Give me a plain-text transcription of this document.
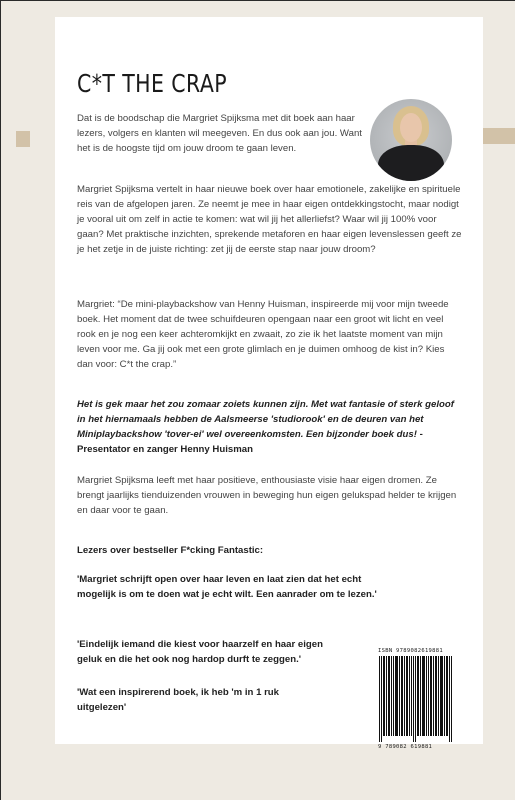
C*T THE CRAP
Dat is de boodschap die Margriet Spijksma met dit boek aan haar lezers, volgers en klanten wil meegeven. En dus ook aan jou. Want het is de hoogste tijd om jouw droom te gaan leven.
Margriet Spijksma vertelt in haar nieuwe boek over haar emotionele, zakelijke en spirituele reis van de afgelopen jaren. Ze neemt je mee in haar eigen ontdekkingstocht, maar nodigt je vooral uit om zelf in actie te komen: wat wil jij het allerliefst? Waar wil jij 100% voor gaan? Met praktische inzichten, sprekende metaforen en haar eigen levenslessen geeft ze je het zetje in de juiste richting: zet jij de eerste stap naar jouw droom?
Margriet: “De mini-playbackshow van Henny Huisman, inspireerde mij voor mijn tweede boek. Het moment dat de twee schuifdeuren opengaan naar een groot wit licht en veel rook en je nog een keer achteromkijkt en zwaait, zo zie ik het laatste moment van mijn leven voor me. Ga jij ook met een grote glimlach en je duimen omhoog de kist in? Kies dan voor: C*t the crap.”
Het is gek maar het zou zomaar zoiets kunnen zijn. Met wat fantasie of sterk geloof in het hiernamaals hebben de Aalsmeerse 'studiorook' en de deuren van het Miniplaybackshow 'tover-ei' wel overeenkomsten. Een bijzonder boek dus! - Presentator en zanger Henny Huisman
Margriet Spijksma leeft met haar positieve, enthousiaste visie haar eigen dromen. Ze brengt jaarlijks tienduizenden vrouwen in beweging hun eigen gelukspad helder te krijgen en daar voor te gaan.
Lezers over bestseller F*cking Fantastic:
'Margriet schrijft open over haar leven en laat zien dat het echt mogelijk is om te doen wat je echt wilt. Een aanrader om te lezen.'
'Eindelijk iemand die kiest voor haarzelf en haar eigen geluk en die het ook nog hardop durft te zeggen.'
'Wat een inspirerend boek, ik heb 'm in 1 ruk uitgelezen'
ISBN 9789082619881
9 789082 619881
